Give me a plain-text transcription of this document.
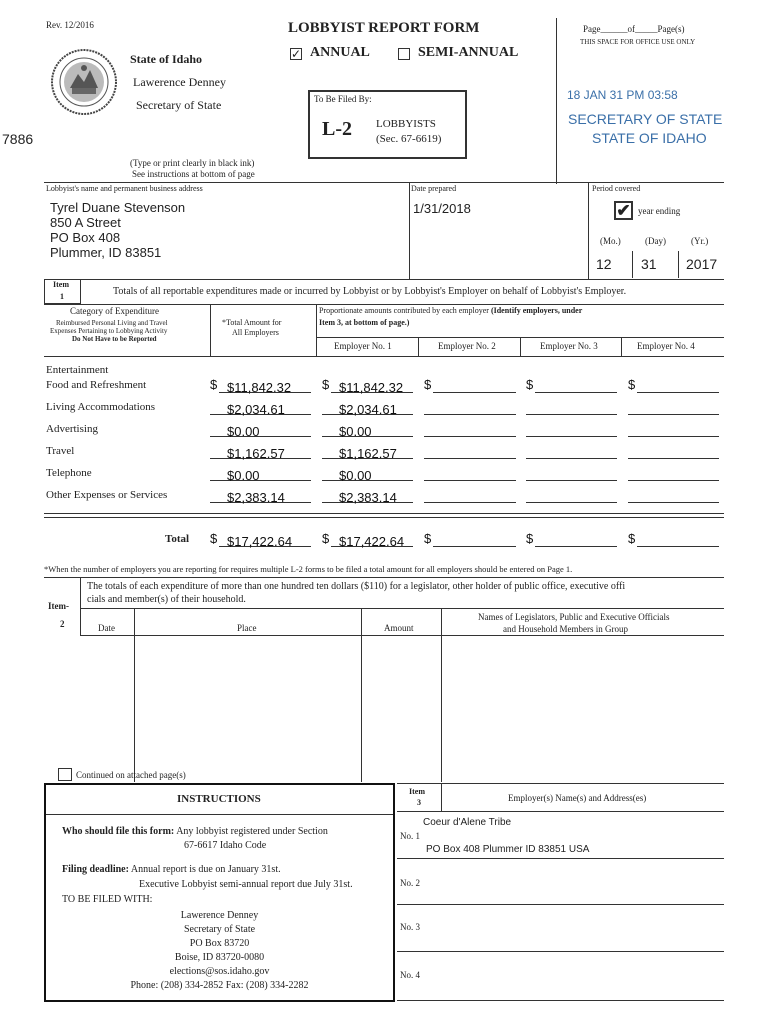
Rev. 12/2016
State of Idaho
Lawerence Denney
Secretary of State
LOBBYIST REPORT FORM
✓ ANNUAL	SEMI-ANNUAL
Page______of_____Page(s)
THIS SPACE FOR OFFICE USE ONLY
18 JAN 31 PM 03:58
SECRETARY OF STATE
STATE OF IDAHO
7886
To Be Filed By:
L-2 LOBBYISTS
(Sec. 67-6619)
(Type or print clearly in black ink)
See instructions at bottom of page
Lobbyist's name and permanent business address
Tyrel Duane Stevenson
850 A Street
PO Box 408
Plummer, ID 83851
Date prepared
1/31/2018
Period covered
✔ year ending
(Mo.)	(Day)	(Yr.)
12 31 2017
Item
1	Totals of all reportable expenditures made or incurred by Lobbyist or by Lobbyist's Employer on behalf of Lobbyist's Employer.
Category of Expenditure
Reimbursed Personal Living and Travel
Expenses Pertaining to Lobbying Activity
Do Not Have to be Reported
*Total Amount for
All Employers
Proportionate amounts contributed by each employer (Identify employers, under
Item 3, at bottom of page.)
Employer No. 1	Employer No. 2	Employer No. 3	Employer No. 4
Entertainment
Food and Refreshment	$ $11,842.32	$ $11,842.32	$	$	$
Living Accommodations	$2,034.61	$2,034.61
Advertising	$0.00	$0.00
Travel	$1,162.57	$1,162.57
Telephone	$0.00	$0.00
Other Expenses or Services	$2,383.14	$2,383.14
Total $ $17,422.64	$ $17,422.64	$	$	$
*When the number of employers you are reporting for requires multiple L-2 forms to be filed a total amount for all employers should be entered on Page 1.
Item-
2
The totals of each expenditure of more than one hundred ten dollars ($110) for a legislator, other holder of public office, executive offi
cials and member(s) of their household.
Date	Place	Amount
Names of Legislators, Public and Executive Officials
and Household Members in Group
Continued on attached page(s)
INSTRUCTIONS
Who should file this form: Any lobbyist registered under Section
67-6617 Idaho Code
Filing deadline: Annual report is due on January 31st.
Executive Lobbyist semi-annual report due July 31st.
TO BE FILED WITH:
Lawerence Denney
Secretary of State
PO Box 83720
Boise, ID 83720-0080
elections@sos.idaho.gov
Phone: (208) 334-2852 Fax: (208) 334-2282
Item
3	Employer(s) Name(s) and Address(es)
No. 1
Coeur d'Alene Tribe
PO Box 408 Plummer ID 83851 USA
No. 2
No. 3
No. 4
